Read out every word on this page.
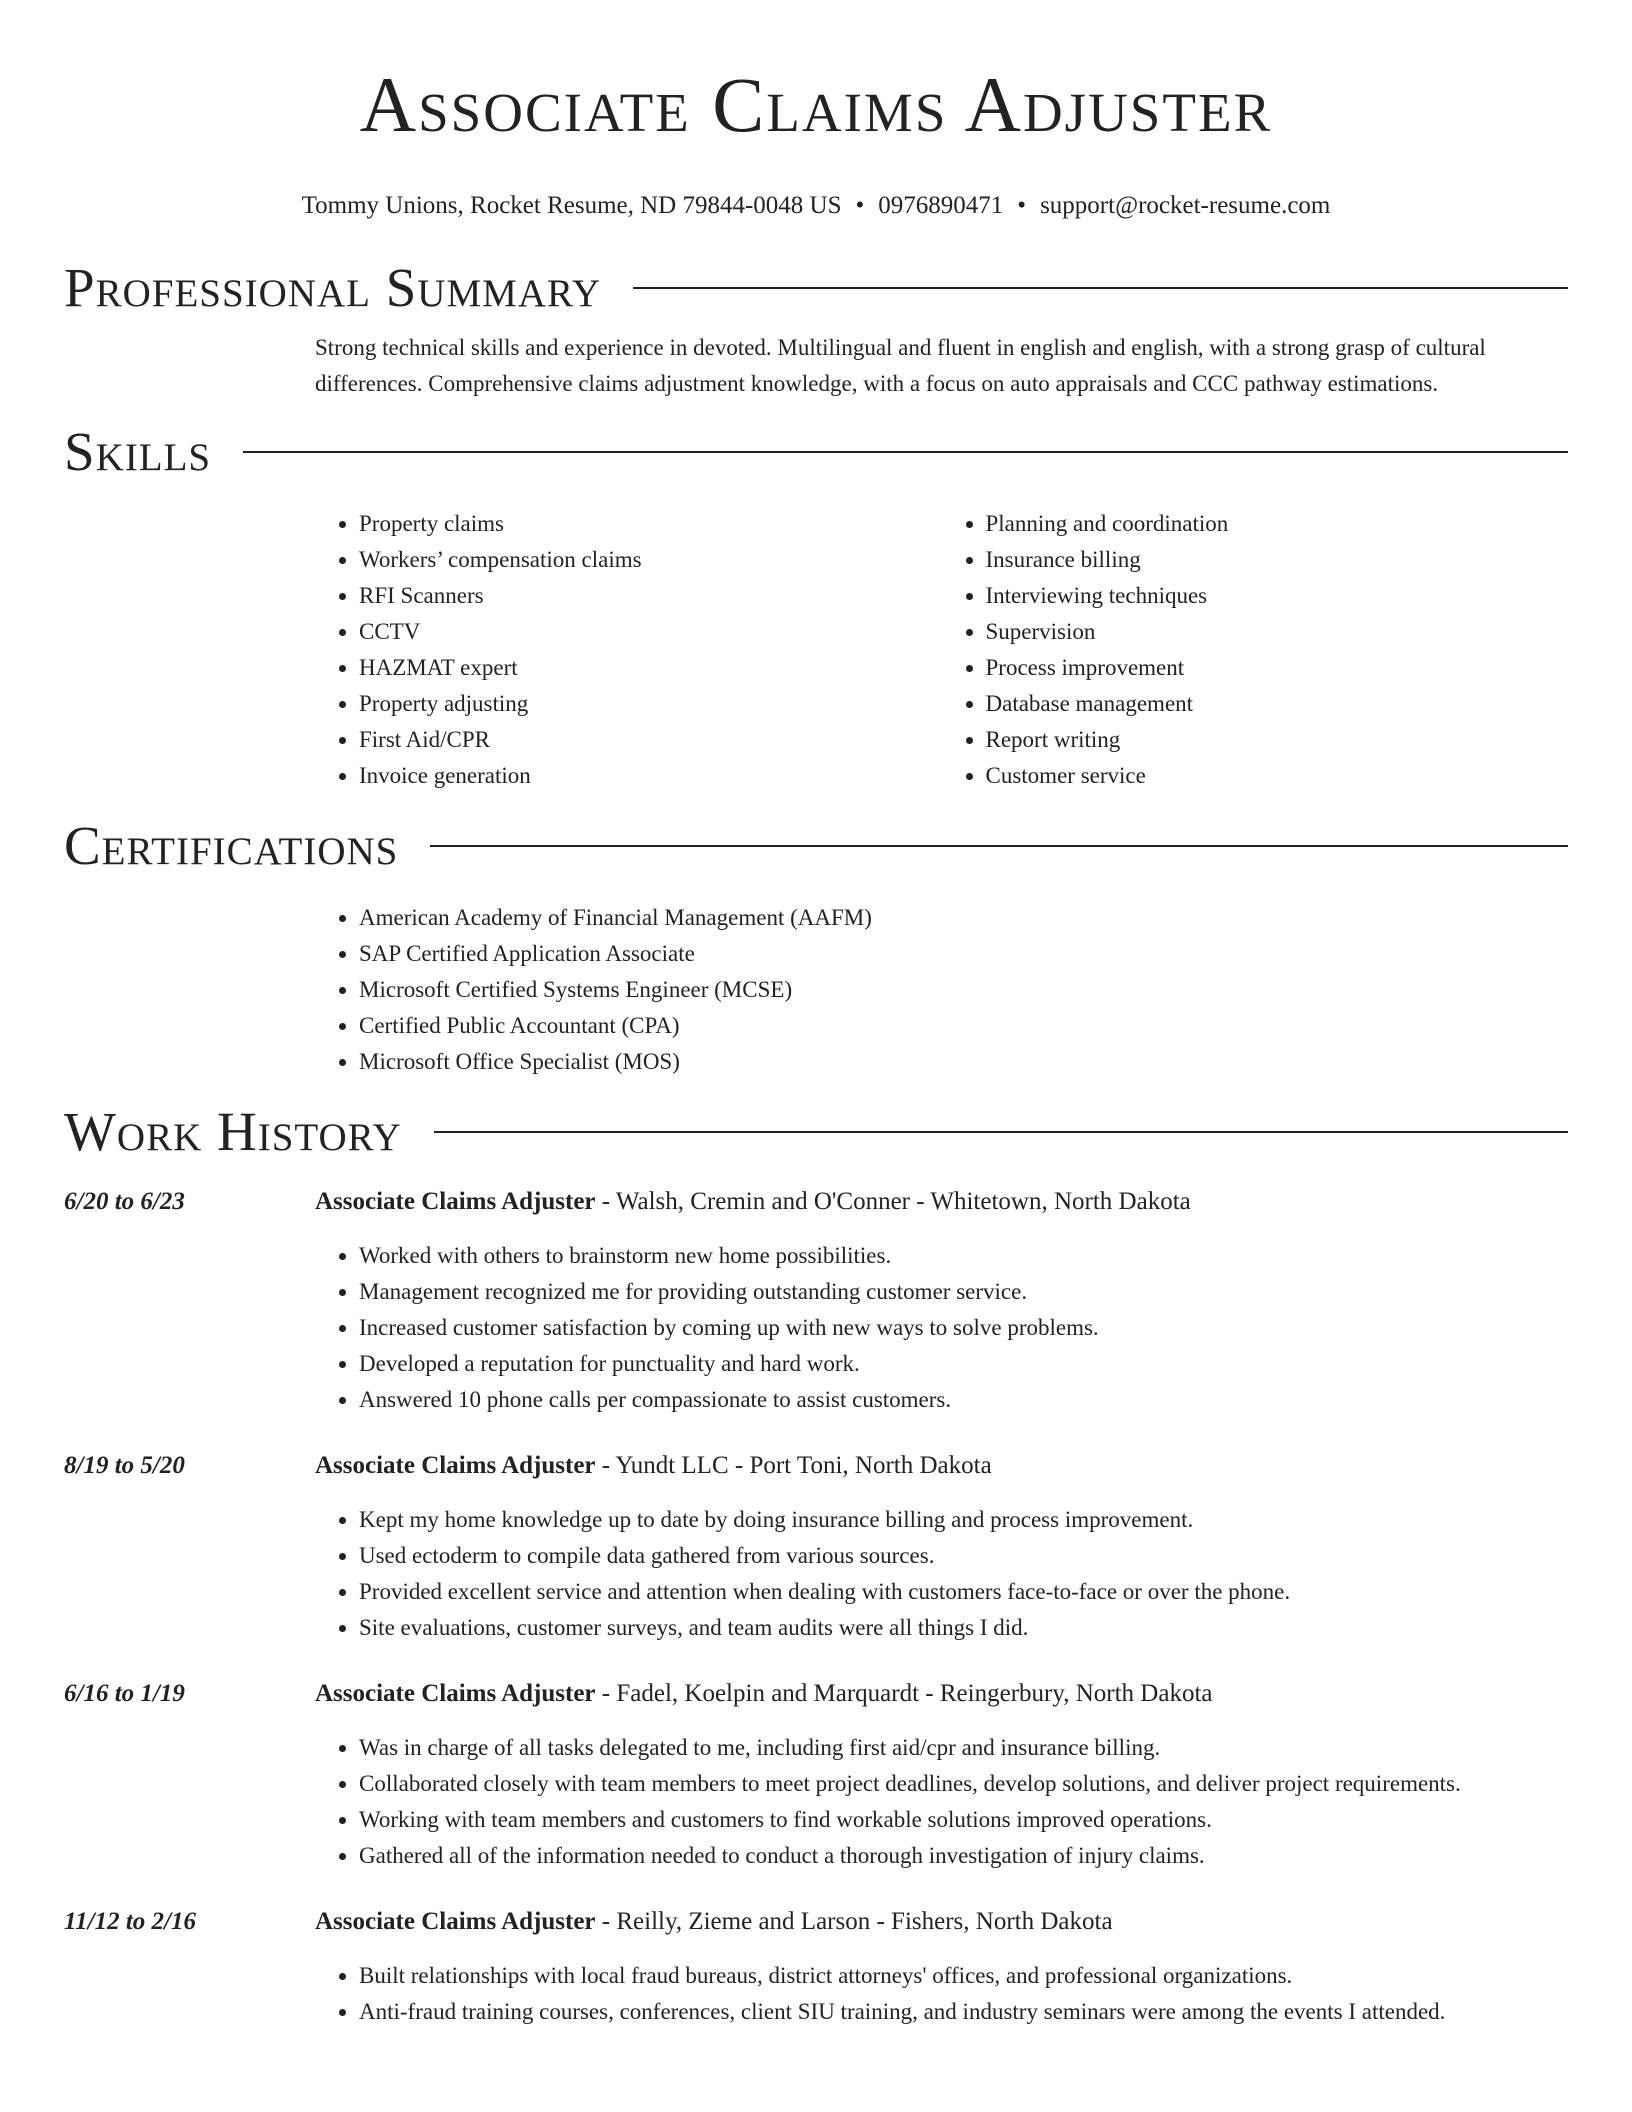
Associate Claims Adjuster
Tommy Unions, Rocket Resume, ND 79844-0048 US • 0976890471 • support@rocket-resume.com
Professional Summary
Strong technical skills and experience in devoted. Multilingual and fluent in english and english, with a strong grasp of cultural differences. Comprehensive claims adjustment knowledge, with a focus on auto appraisals and CCC pathway estimations.
Skills
• Property claims
• Workers’ compensation claims
• RFI Scanners
• CCTV
• HAZMAT expert
• Property adjusting
• First Aid/CPR
• Invoice generation
• Planning and coordination
• Insurance billing
• Interviewing techniques
• Supervision
• Process improvement
• Database management
• Report writing
• Customer service
Certifications
• American Academy of Financial Management (AAFM)
• SAP Certified Application Associate
• Microsoft Certified Systems Engineer (MCSE)
• Certified Public Accountant (CPA)
• Microsoft Office Specialist (MOS)
Work History
6/20 to 6/23	Associate Claims Adjuster - Walsh, Cremin and O'Conner - Whitetown, North Dakota
• Worked with others to brainstorm new home possibilities.
• Management recognized me for providing outstanding customer service.
• Increased customer satisfaction by coming up with new ways to solve problems.
• Developed a reputation for punctuality and hard work.
• Answered 10 phone calls per compassionate to assist customers.
8/19 to 5/20	Associate Claims Adjuster - Yundt LLC - Port Toni, North Dakota
• Kept my home knowledge up to date by doing insurance billing and process improvement.
• Used ectoderm to compile data gathered from various sources.
• Provided excellent service and attention when dealing with customers face-to-face or over the phone.
• Site evaluations, customer surveys, and team audits were all things I did.
6/16 to 1/19	Associate Claims Adjuster - Fadel, Koelpin and Marquardt - Reingerbury, North Dakota
• Was in charge of all tasks delegated to me, including first aid/cpr and insurance billing.
• Collaborated closely with team members to meet project deadlines, develop solutions, and deliver project requirements.
• Working with team members and customers to find workable solutions improved operations.
• Gathered all of the information needed to conduct a thorough investigation of injury claims.
11/12 to 2/16	Associate Claims Adjuster - Reilly, Zieme and Larson - Fishers, North Dakota
• Built relationships with local fraud bureaus, district attorneys' offices, and professional organizations.
• Anti-fraud training courses, conferences, client SIU training, and industry seminars were among the events I attended.
